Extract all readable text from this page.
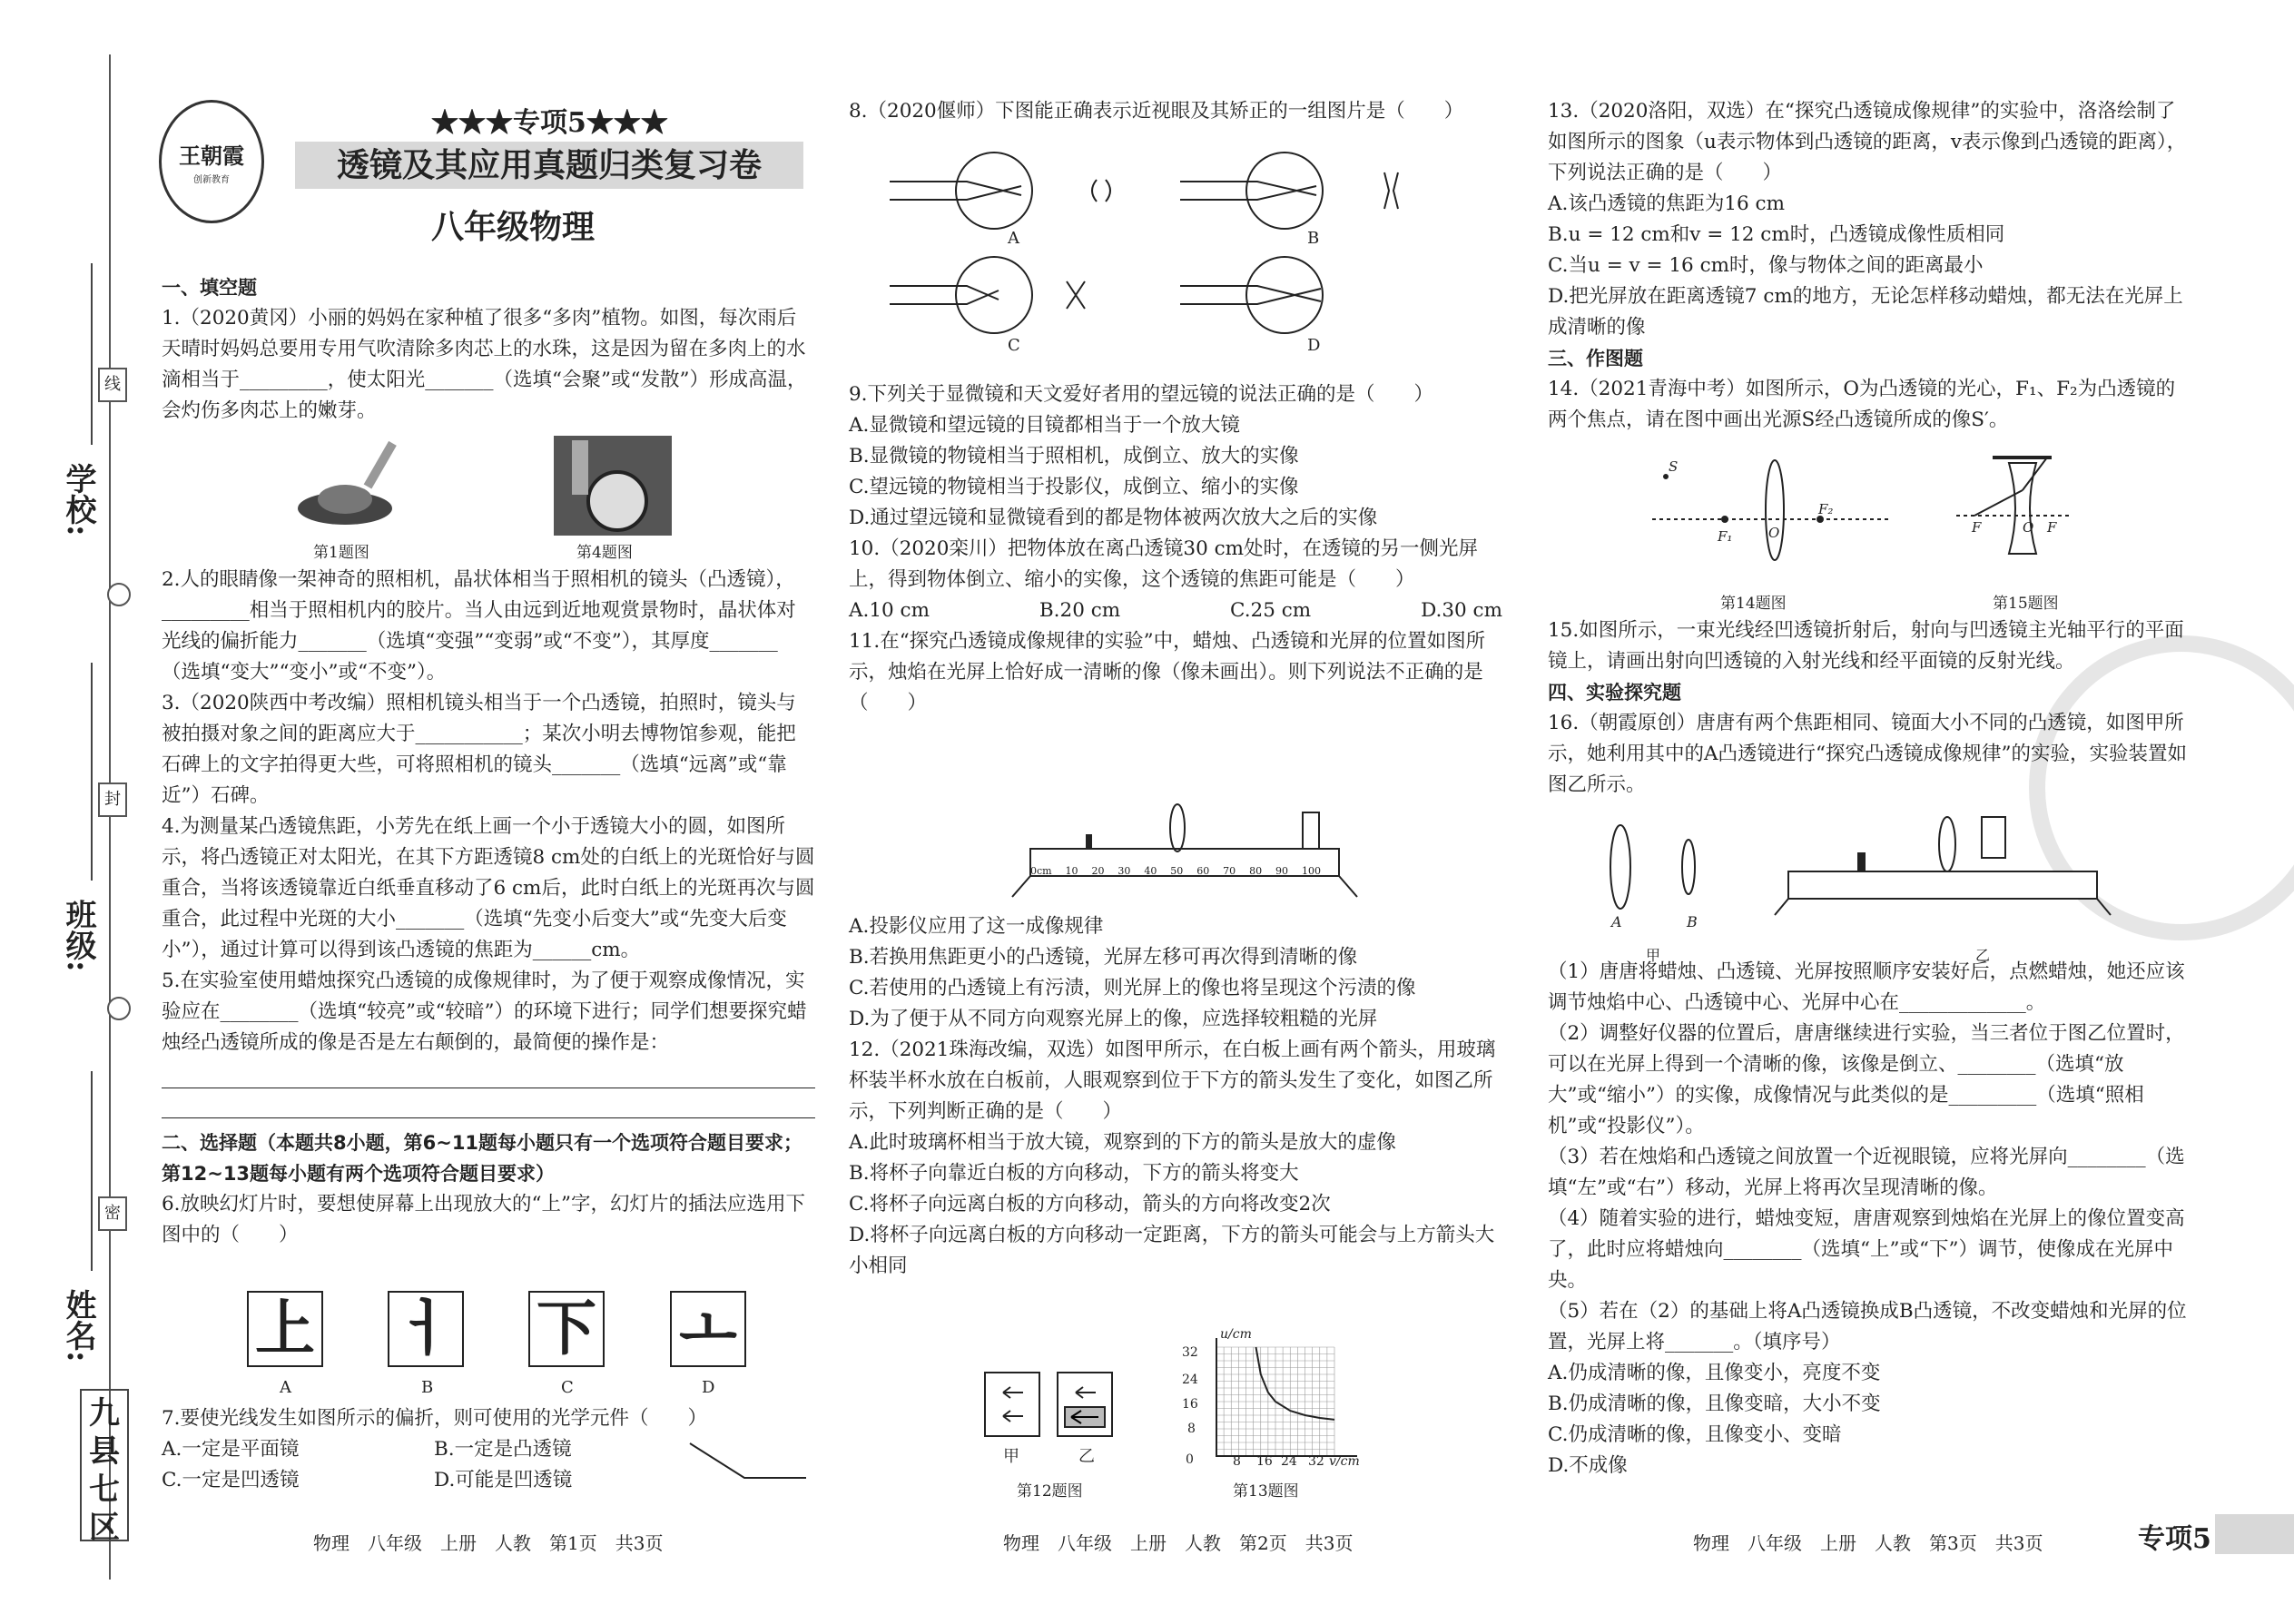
学校:
班级:
姓名:
线
封
密
九县七区
王朝霞
创新教育
★★★专项5★★★
透镜及其应用真题归类复习卷
八年级物理

一、填空题

1.（2020黄冈）小丽的妈妈在家种植了很多“多肉”植物。如图，每次雨后天晴时妈妈总要用专用气吹清除多肉芯上的水珠，这是因为留在多肉上的水滴相当于_________，使太阳光_______（选填“会聚”或“发散”）形成高温，会灼伤多肉芯上的嫩芽。

第1题图	第4题图

2.人的眼睛像一架神奇的照相机，晶状体相当于照相机的镜头（凸透镜），_________相当于照相机内的胶片。当人由远到近地观赏景物时，晶状体对光线的偏折能力_______（选填“变强”“变弱”或“不变”），其厚度_______（选填“变大”“变小”或“不变”）。

3.（2020陕西中考改编）照相机镜头相当于一个凸透镜，拍照时，镜头与被拍摄对象之间的距离应大于___________；某次小明去博物馆参观，能把石碑上的文字拍得更大些，可将照相机的镜头_______（选填“远离”或“靠近”）石碑。

4.为测量某凸透镜焦距，小芳先在纸上画一个小于透镜大小的圆，如图所示，将凸透镜正对太阳光，在其下方距透镜8 cm处的白纸上的光斑恰好与圆重合，当将该透镜靠近白纸垂直移动了6 cm后，此时白纸上的光斑再次与圆重合，此过程中光斑的大小_______（选填“先变小后变大”或“先变大后变小”），通过计算可以得到该凸透镜的焦距为______cm。

5.在实验室使用蜡烛探究凸透镜的成像规律时，为了便于观察成像情况，实验应在________（选填“较亮”或“较暗”）的环境下进行；同学们想要探究蜡烛经凸透镜所成的像是否是左右颠倒的，最简便的操作是：

二、选择题（本题共8小题，第6~11题每小题只有一个选项符合题目要求；第12~13题每小题有两个选项符合题目要求）

6.放映幻灯片时，要想使屏幕上出现放大的“上”字，幻灯片的插法应选用下图中的（　　）

上 ㅓ 下 ㅗ
A	B	C	D

7.要使光线发生如图所示的偏折，则可使用的光学元件（　　）

A.一定是平面镜	B.一定是凸透镜
C.一定是凹透镜	D.可能是凹透镜
物理　八年级　上册　人教　第1页　共3页

8.（2020偃师）下图能正确表示近视眼及其矫正的一组图片是（　　）

A	B
C	D

9.下列关于显微镜和天文爱好者用的望远镜的说法正确的是（　　）

A.显微镜和望远镜的目镜都相当于一个放大镜

B.显微镜的物镜相当于照相机，成倒立、放大的实像

C.望远镜的物镜相当于投影仪，成倒立、缩小的实像

D.通过望远镜和显微镜看到的都是物体被两次放大之后的实像

10.（2020栾川）把物体放在离凸透镜30 cm处时，在透镜的另一侧光屏上，得到物体倒立、缩小的实像，这个透镜的焦距可能是（　　）

A.10 cm	B.20 cm	C.25 cm	D.30 cm

11.在“探究凸透镜成像规律的实验”中，蜡烛、凸透镜和光屏的位置如图所示，烛焰在光屏上恰好成一清晰的像（像未画出）。则下列说法不正确的是（　　）

0cm 10 20 30 40 50 60 70 80 90 100

A.投影仪应用了这一成像规律

B.若换用焦距更小的凸透镜，光屏左移可再次得到清晰的像

C.若使用的凸透镜上有污渍，则光屏上的像也将呈现这个污渍的像

D.为了便于从不同方向观察光屏上的像，应选择较粗糙的光屏

12.（2021珠海改编，双选）如图甲所示，在白板上画有两个箭头，用玻璃杯装半杯水放在白板前，人眼观察到位于下方的箭头发生了变化，如图乙所示，下列判断正确的是（　　）

A.此时玻璃杯相当于放大镜，观察到的下方的箭头是放大的虚像

B.将杯子向靠近白板的方向移动，下方的箭头将变大

C.将杯子向远离白板的方向移动，箭头的方向将改变2次

D.将杯子向远离白板的方向移动一定距离，下方的箭头可能会与上方箭头大小相同

甲	乙
第12题图
u/cm
v/cm
0	8 16 24 32
8
16
24
32
第13题图
物理　八年级　上册　人教　第2页　共3页

13.（2020洛阳，双选）在“探究凸透镜成像规律”的实验中，洛洛绘制了如图所示的图象（u表示物体到凸透镜的距离，v表示像到凸透镜的距离），下列说法正确的是（　　）

A.该凸透镜的焦距为16 cm

B.u = 12 cm和v = 12 cm时，凸透镜成像性质相同

C.当u = v = 16 cm时，像与物体之间的距离最小

D.把光屏放在距离透镜7 cm的地方，无论怎样移动蜡烛，都无法在光屏上成清晰的像

三、作图题

14.（2021青海中考）如图所示，O为凸透镜的光心，F₁、F₂为凸透镜的两个焦点，请在图中画出光源S经凸透镜所成的像S′。

S
F₁	O
F₂
F	O F
第14题图	第15题图

15.如图所示，一束光线经凹透镜折射后，射向与凹透镜主光轴平行的平面镜上，请画出射向凹透镜的入射光线和经平面镜的反射光线。

四、实验探究题

16.（朝霞原创）唐唐有两个焦距相同、镜面大小不同的凸透镜，如图甲所示，她利用其中的A凸透镜进行“探究凸透镜成像规律”的实验，实验装置如图乙所示。

A	B
甲	乙

（1）唐唐将蜡烛、凸透镜、光屏按照顺序安装好后，点燃蜡烛，她还应该调节烛焰中心、凸透镜中心、光屏中心在_____________。

（2）调整好仪器的位置后，唐唐继续进行实验，当三者位于图乙位置时，可以在光屏上得到一个清晰的像，该像是倒立、________（选填“放大”或“缩小”）的实像，成像情况与此类似的是_________（选填“照相机”或“投影仪”）。

（3）若在烛焰和凸透镜之间放置一个近视眼镜，应将光屏向________（选填“左”或“右”）移动，光屏上将再次呈现清晰的像。

（4）随着实验的进行，蜡烛变短，唐唐观察到烛焰在光屏上的像位置变高了，此时应将蜡烛向________（选填“上”或“下”）调节，使像成在光屏中央。

（5）若在（2）的基础上将A凸透镜换成B凸透镜，不改变蜡烛和光屏的位置，光屏上将_______。（填序号）

A.仍成清晰的像，且像变小，亮度不变

B.仍成清晰的像，且像变暗，大小不变

C.仍成清晰的像，且像变小、变暗

D.不成像

物理　八年级　上册　人教　第3页　共3页	专项5
